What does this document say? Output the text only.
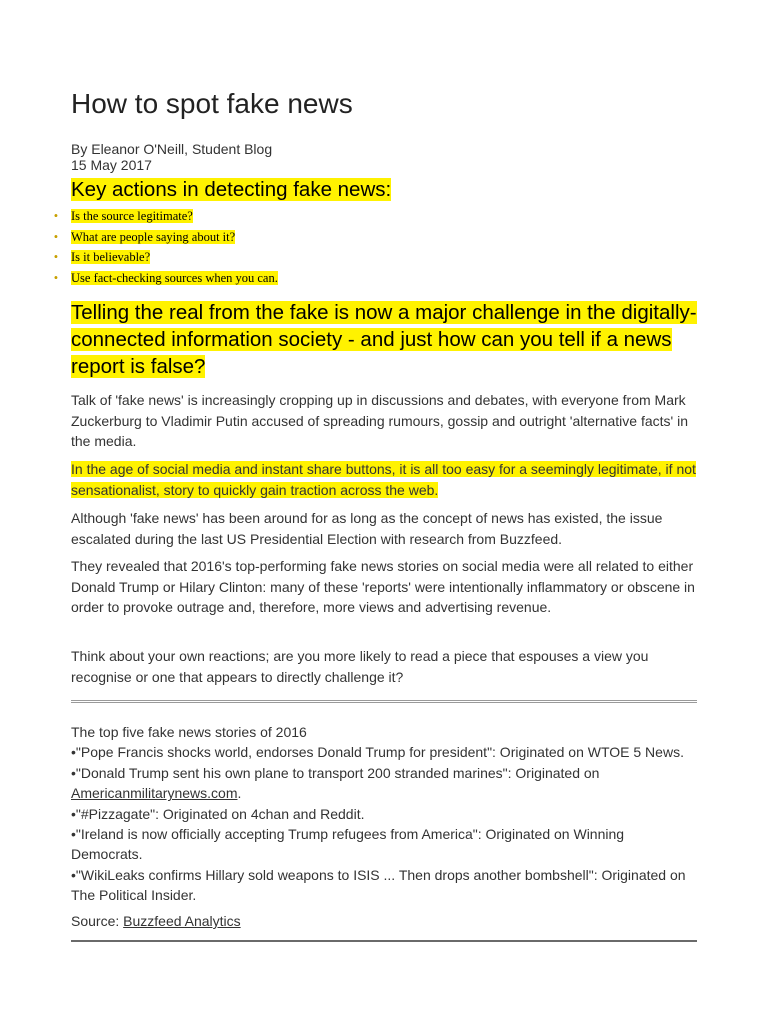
How to spot fake news
By Eleanor O'Neill, Student Blog
15 May 2017
Key actions in detecting fake news:
• Is the source legitimate?
• What are people saying about it?
• Is it believable?
• Use fact-checking sources when you can.
Telling the real from the fake is now a major challenge in the digitally-connected information society - and just how can you tell if a news report is false?
Talk of 'fake news' is increasingly cropping up in discussions and debates, with everyone from Mark Zuckerburg to Vladimir Putin accused of spreading rumours, gossip and outright 'alternative facts' in the media.
In the age of social media and instant share buttons, it is all too easy for a seemingly legitimate, if not sensationalist, story to quickly gain traction across the web.
Although 'fake news' has been around for as long as the concept of news has existed, the issue escalated during the last US Presidential Election with research from Buzzfeed.
They revealed that 2016's top-performing fake news stories on social media were all related to either Donald Trump or Hilary Clinton: many of these 'reports' were intentionally inflammatory or obscene in order to provoke outrage and, therefore, more views and advertising revenue.
Think about your own reactions; are you more likely to read a piece that espouses a view you recognise or one that appears to directly challenge it?
The top five fake news stories of 2016
•"Pope Francis shocks world, endorses Donald Trump for president": Originated on WTOE 5 News.
•"Donald Trump sent his own plane to transport 200 stranded marines": Originated on Americanmilitarynews.com.
•"#Pizzagate": Originated on 4chan and Reddit.
•"Ireland is now officially accepting Trump refugees from America": Originated on Winning Democrats.
•"WikiLeaks confirms Hillary sold weapons to ISIS ... Then drops another bombshell": Originated on The Political Insider.
Source: Buzzfeed Analytics
